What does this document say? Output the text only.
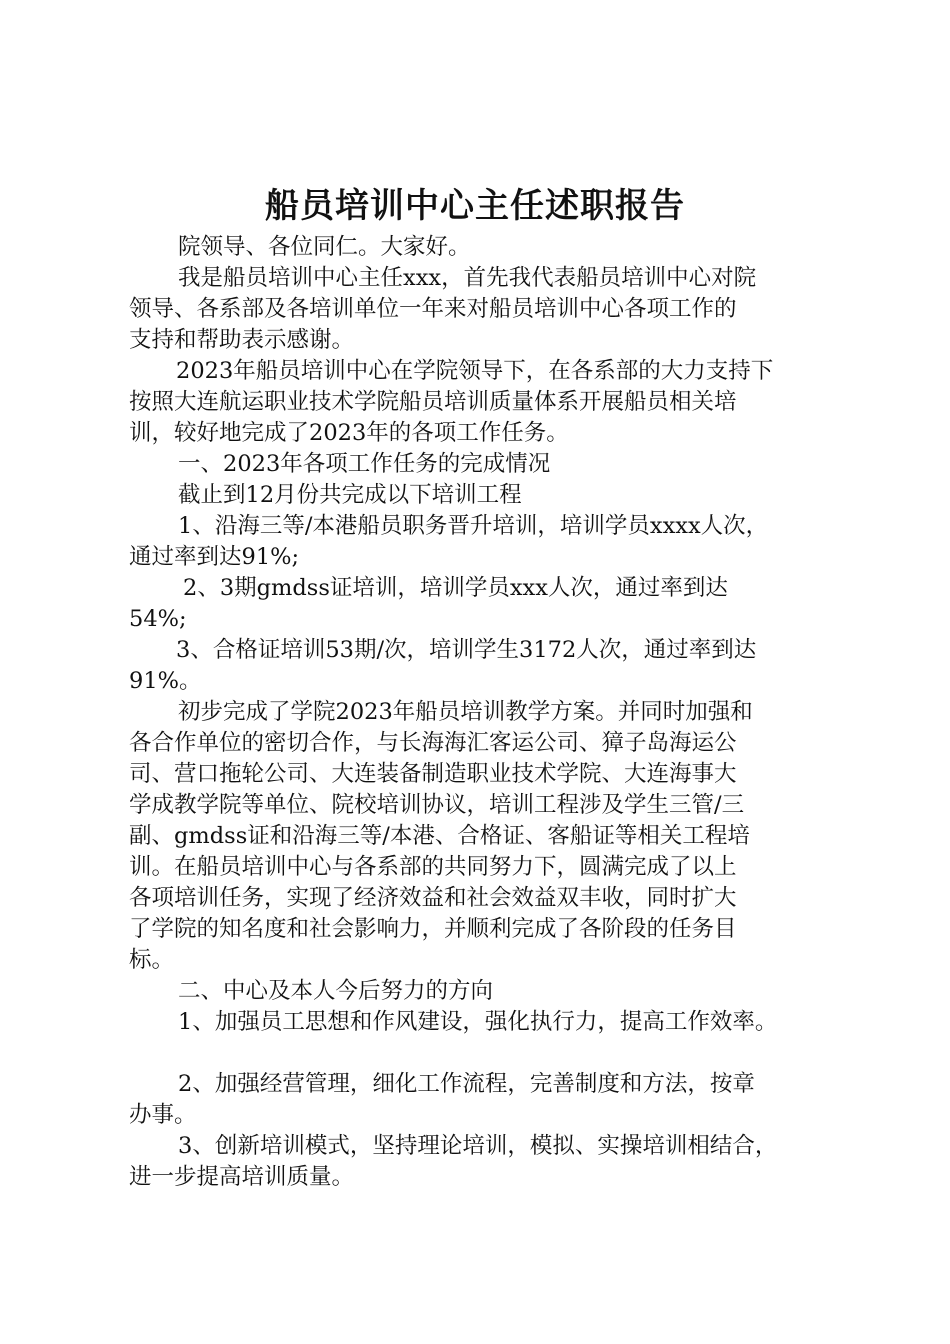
船员培训中心主任述职报告

院领导、各位同仁。大家好。

我是船员培训中心主任xxx，首先我代表船员培训中心对院

领导、各系部及各培训单位一年来对船员培训中心各项工作的

支持和帮助表示感谢。

2023年船员培训中心在学院领导下，在各系部的大力支持下

按照大连航运职业技术学院船员培训质量体系开展船员相关培

训，较好地完成了2023年的各项工作任务。

一、2023年各项工作任务的完成情况

截止到12月份共完成以下培训工程

1、沿海三等/本港船员职务晋升培训，培训学员xxxx人次，

通过率到达91%;

2、3期gmdss证培训，培训学员xxx人次，通过率到达

54%;

3、合格证培训53期/次，培训学生3172人次，通过率到达

91%。

初步完成了学院2023年船员培训教学方案。并同时加强和

各合作单位的密切合作，与长海海汇客运公司、獐子岛海运公

司、营口拖轮公司、大连装备制造职业技术学院、大连海事大

学成教学院等单位、院校培训协议，培训工程涉及学生三管/三

副、gmdss证和沿海三等/本港、合格证、客船证等相关工程培

训。在船员培训中心与各系部的共同努力下，圆满完成了以上

各项培训任务，实现了经济效益和社会效益双丰收，同时扩大

了学院的知名度和社会影响力，并顺利完成了各阶段的任务目

标。

二、中心及本人今后努力的方向

1、加强员工思想和作风建设，强化执行力，提高工作效率。

2、加强经营管理，细化工作流程，完善制度和方法，按章

办事。

3、创新培训模式，坚持理论培训，模拟、实操培训相结合，

进一步提高培训质量。
